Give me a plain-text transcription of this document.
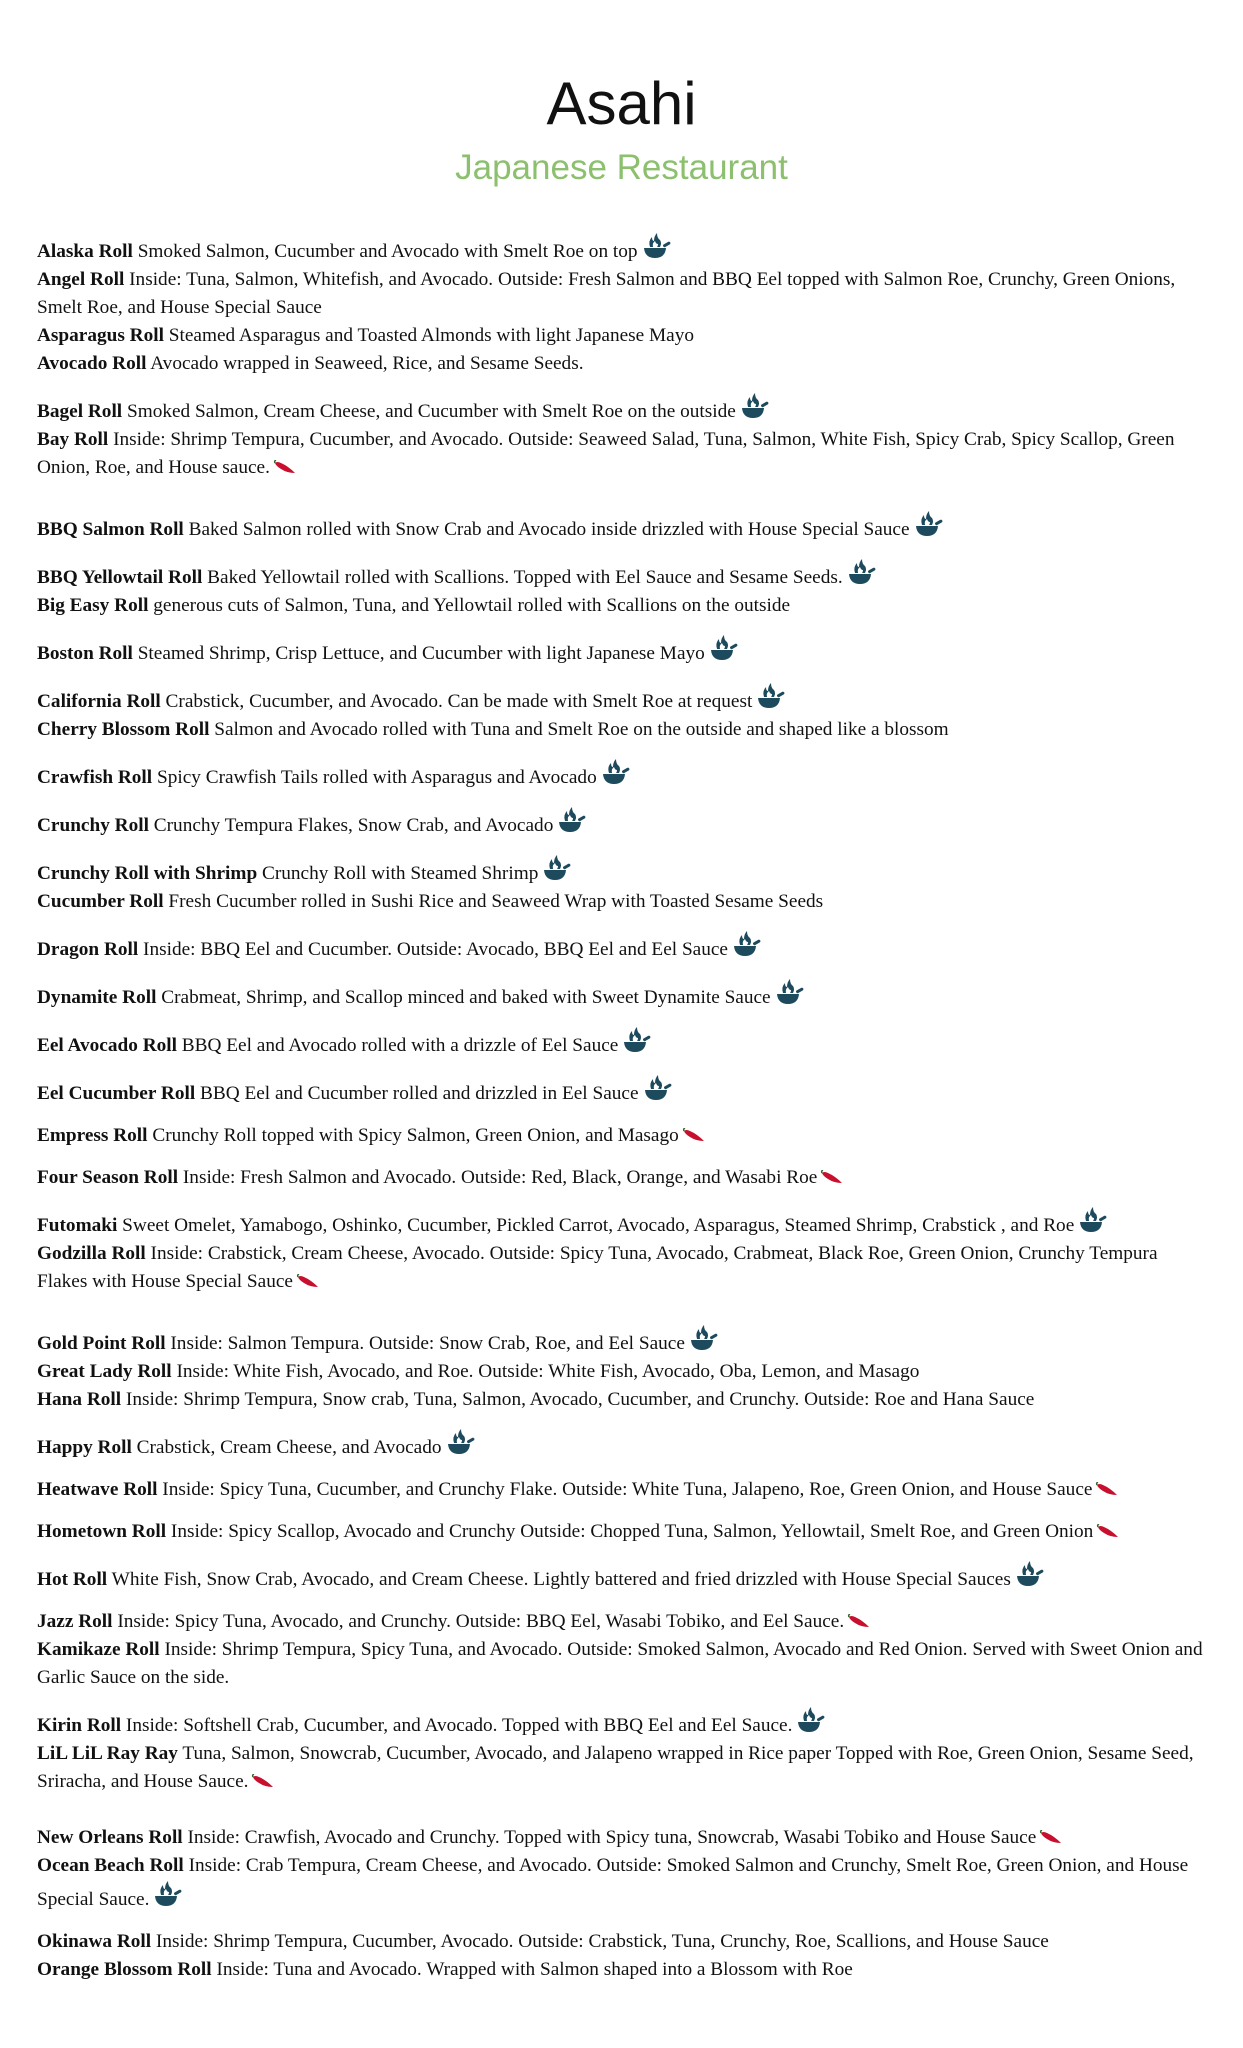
Asahi
Japanese Restaurant

Alaska Roll Smoked Salmon, Cucumber and Avocado with Smelt Roe on top

Angel Roll Inside: Tuna, Salmon, Whitefish, and Avocado. Outside: Fresh Salmon and BBQ Eel topped with Salmon Roe, Crunchy, Green Onions, Smelt Roe, and House Special Sauce

Asparagus Roll Steamed Asparagus and Toasted Almonds with light Japanese Mayo

Avocado Roll Avocado wrapped in Seaweed, Rice, and Sesame Seeds.

Bagel Roll Smoked Salmon, Cream Cheese, and Cucumber with Smelt Roe on the outside

Bay Roll Inside: Shrimp Tempura, Cucumber, and Avocado. Outside: Seaweed Salad, Tuna, Salmon, White Fish, Spicy Crab, Spicy Scallop, Green Onion, Roe, and House sauce.

BBQ Salmon Roll Baked Salmon rolled with Snow Crab and Avocado inside drizzled with House Special Sauce

BBQ Yellowtail Roll Baked Yellowtail rolled with Scallions. Topped with Eel Sauce and Sesame Seeds.

Big Easy Roll generous cuts of Salmon, Tuna, and Yellowtail rolled with Scallions on the outside

Boston Roll Steamed Shrimp, Crisp Lettuce, and Cucumber with light Japanese Mayo

California Roll Crabstick, Cucumber, and Avocado. Can be made with Smelt Roe at request

Cherry Blossom Roll Salmon and Avocado rolled with Tuna and Smelt Roe on the outside and shaped like a blossom

Crawfish Roll Spicy Crawfish Tails rolled with Asparagus and Avocado

Crunchy Roll Crunchy Tempura Flakes, Snow Crab, and Avocado

Crunchy Roll with Shrimp Crunchy Roll with Steamed Shrimp

Cucumber Roll Fresh Cucumber rolled in Sushi Rice and Seaweed Wrap with Toasted Sesame Seeds

Dragon Roll Inside: BBQ Eel and Cucumber. Outside: Avocado, BBQ Eel and Eel Sauce

Dynamite Roll Crabmeat, Shrimp, and Scallop minced and baked with Sweet Dynamite Sauce

Eel Avocado Roll BBQ Eel and Avocado rolled with a drizzle of Eel Sauce

Eel Cucumber Roll BBQ Eel and Cucumber rolled and drizzled in Eel Sauce

Empress Roll Crunchy Roll topped with Spicy Salmon, Green Onion, and Masago

Four Season Roll Inside: Fresh Salmon and Avocado. Outside: Red, Black, Orange, and Wasabi Roe

Futomaki Sweet Omelet, Yamabogo, Oshinko, Cucumber, Pickled Carrot, Avocado, Asparagus, Steamed Shrimp, Crabstick , and Roe

Godzilla Roll Inside: Crabstick, Cream Cheese, Avocado. Outside: Spicy Tuna, Avocado, Crabmeat, Black Roe, Green Onion, Crunchy Tempura Flakes with House Special Sauce

Gold Point Roll Inside: Salmon Tempura. Outside: Snow Crab, Roe, and Eel Sauce

Great Lady Roll Inside: White Fish, Avocado, and Roe. Outside: White Fish, Avocado, Oba, Lemon, and Masago

Hana Roll Inside: Shrimp Tempura, Snow crab, Tuna, Salmon, Avocado, Cucumber, and Crunchy. Outside: Roe and Hana Sauce

Happy Roll Crabstick, Cream Cheese, and Avocado

Heatwave Roll Inside: Spicy Tuna, Cucumber, and Crunchy Flake. Outside: White Tuna, Jalapeno, Roe, Green Onion, and House Sauce

Hometown Roll Inside: Spicy Scallop, Avocado and Crunchy Outside: Chopped Tuna, Salmon, Yellowtail, Smelt Roe, and Green Onion

Hot Roll White Fish, Snow Crab, Avocado, and Cream Cheese. Lightly battered and fried drizzled with House Special Sauces

Jazz Roll Inside: Spicy Tuna, Avocado, and Crunchy. Outside: BBQ Eel, Wasabi Tobiko, and Eel Sauce.

Kamikaze Roll Inside: Shrimp Tempura, Spicy Tuna, and Avocado. Outside: Smoked Salmon, Avocado and Red Onion. Served with Sweet Onion and Garlic Sauce on the side.

Kirin Roll Inside: Softshell Crab, Cucumber, and Avocado. Topped with BBQ Eel and Eel Sauce.

LiL LiL Ray Ray Tuna, Salmon, Snowcrab, Cucumber, Avocado, and Jalapeno wrapped in Rice paper Topped with Roe, Green Onion, Sesame Seed, Sriracha, and House Sauce.

New Orleans Roll Inside: Crawfish, Avocado and Crunchy. Topped with Spicy tuna, Snowcrab, Wasabi Tobiko and House Sauce

Ocean Beach Roll Inside: Crab Tempura, Cream Cheese, and Avocado. Outside: Smoked Salmon and Crunchy, Smelt Roe, Green Onion, and House Special Sauce.

Okinawa Roll Inside: Shrimp Tempura, Cucumber, Avocado. Outside: Crabstick, Tuna, Crunchy, Roe, Scallions, and House Sauce

Orange Blossom Roll Inside: Tuna and Avocado. Wrapped with Salmon shaped into a Blossom with Roe
